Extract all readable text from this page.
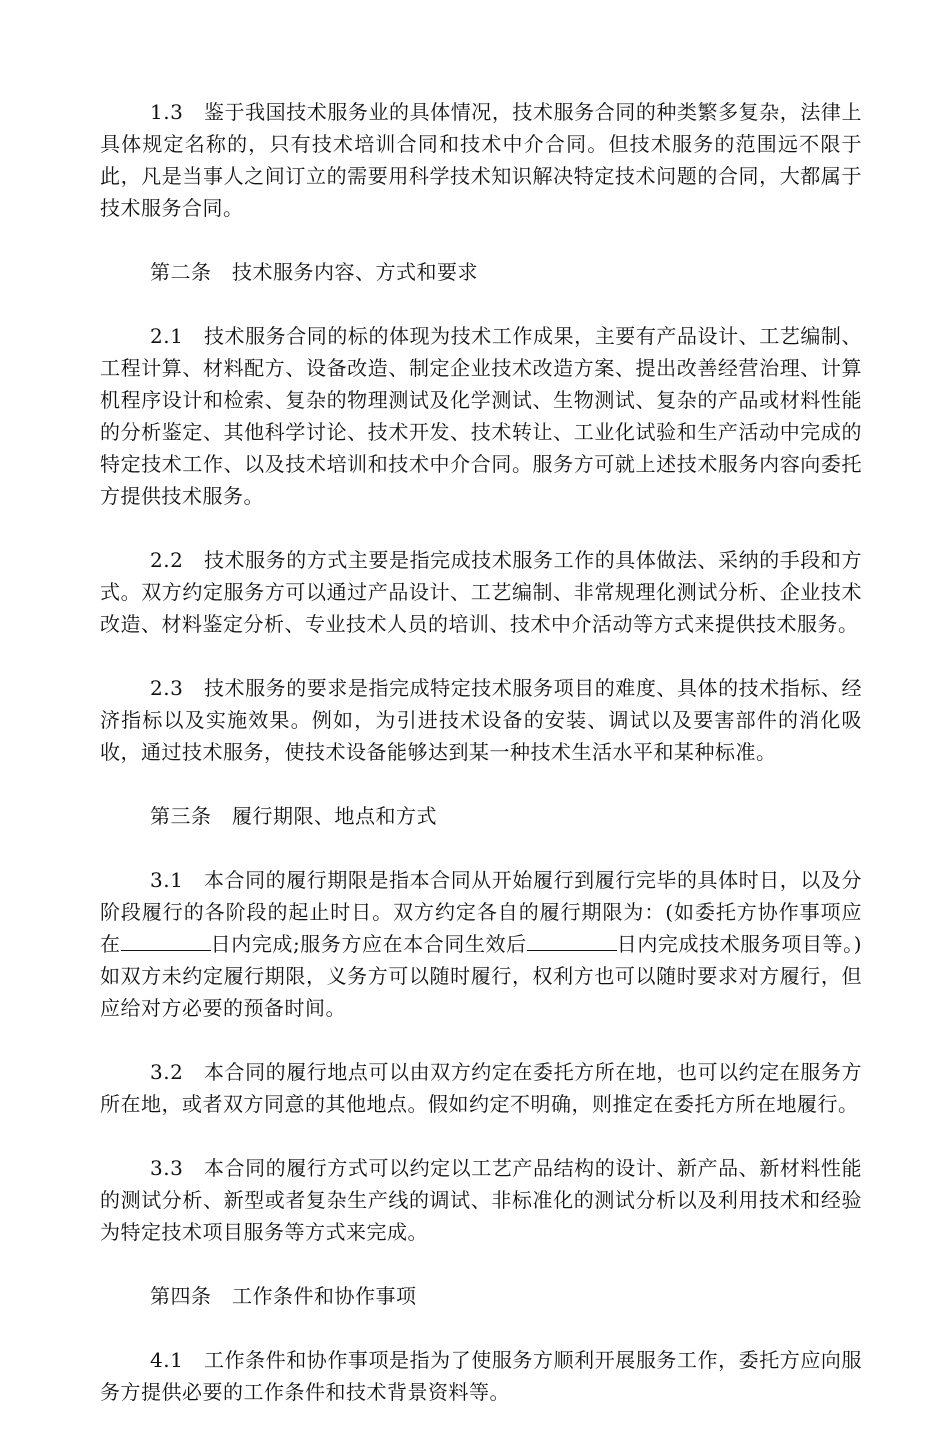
1.3　鉴于我国技术服务业的具体情况，技术服务合同的种类繁多复杂，法律上具体规定名称的，只有技术培训合同和技术中介合同。但技术服务的范围远不限于此，凡是当事人之间订立的需要用科学技术知识解决特定技术问题的合同，大都属于技术服务合同。

第二条　技术服务内容、方式和要求

2.1　技术服务合同的标的体现为技术工作成果，主要有产品设计、工艺编制、工程计算、材料配方、设备改造、制定企业技术改造方案、提出改善经营治理、计算机程序设计和检索、复杂的物理测试及化学测试、生物测试、复杂的产品或材料性能的分析鉴定、其他科学讨论、技术开发、技术转让、工业化试验和生产活动中完成的特定技术工作、以及技术培训和技术中介合同。服务方可就上述技术服务内容向委托方提供技术服务。

2.2　技术服务的方式主要是指完成技术服务工作的具体做法、采纳的手段和方式。双方约定服务方可以通过产品设计、工艺编制、非常规理化测试分析、企业技术改造、材料鉴定分析、专业技术人员的培训、技术中介活动等方式来提供技术服务。

2.3　技术服务的要求是指完成特定技术服务项目的难度、具体的技术指标、经济指标以及实施效果。例如，为引进技术设备的安装、调试以及要害部件的消化吸收，通过技术服务，使技术设备能够达到某一种技术生活水平和某种标准。

第三条　履行期限、地点和方式

3.1　本合同的履行期限是指本合同从开始履行到履行完毕的具体时日，以及分阶段履行的各阶段的起止时日。双方约定各自的履行期限为：(如委托方协作事项应在	日内完成;服务方应在本合同生效后	日内完成技术服务项目等。)如双方未约定履行期限，义务方可以随时履行，权利方也可以随时要求对方履行，但应给对方必要的预备时间。

3.2　本合同的履行地点可以由双方约定在委托方所在地，也可以约定在服务方所在地，或者双方同意的其他地点。假如约定不明确，则推定在委托方所在地履行。

3.3　本合同的履行方式可以约定以工艺产品结构的设计、新产品、新材料性能的测试分析、新型或者复杂生产线的调试、非标准化的测试分析以及利用技术和经验为特定技术项目服务等方式来完成。

第四条　工作条件和协作事项

4.1　工作条件和协作事项是指为了使服务方顺利开展服务工作，委托方应向服务方提供必要的工作条件和技术背景资料等。
